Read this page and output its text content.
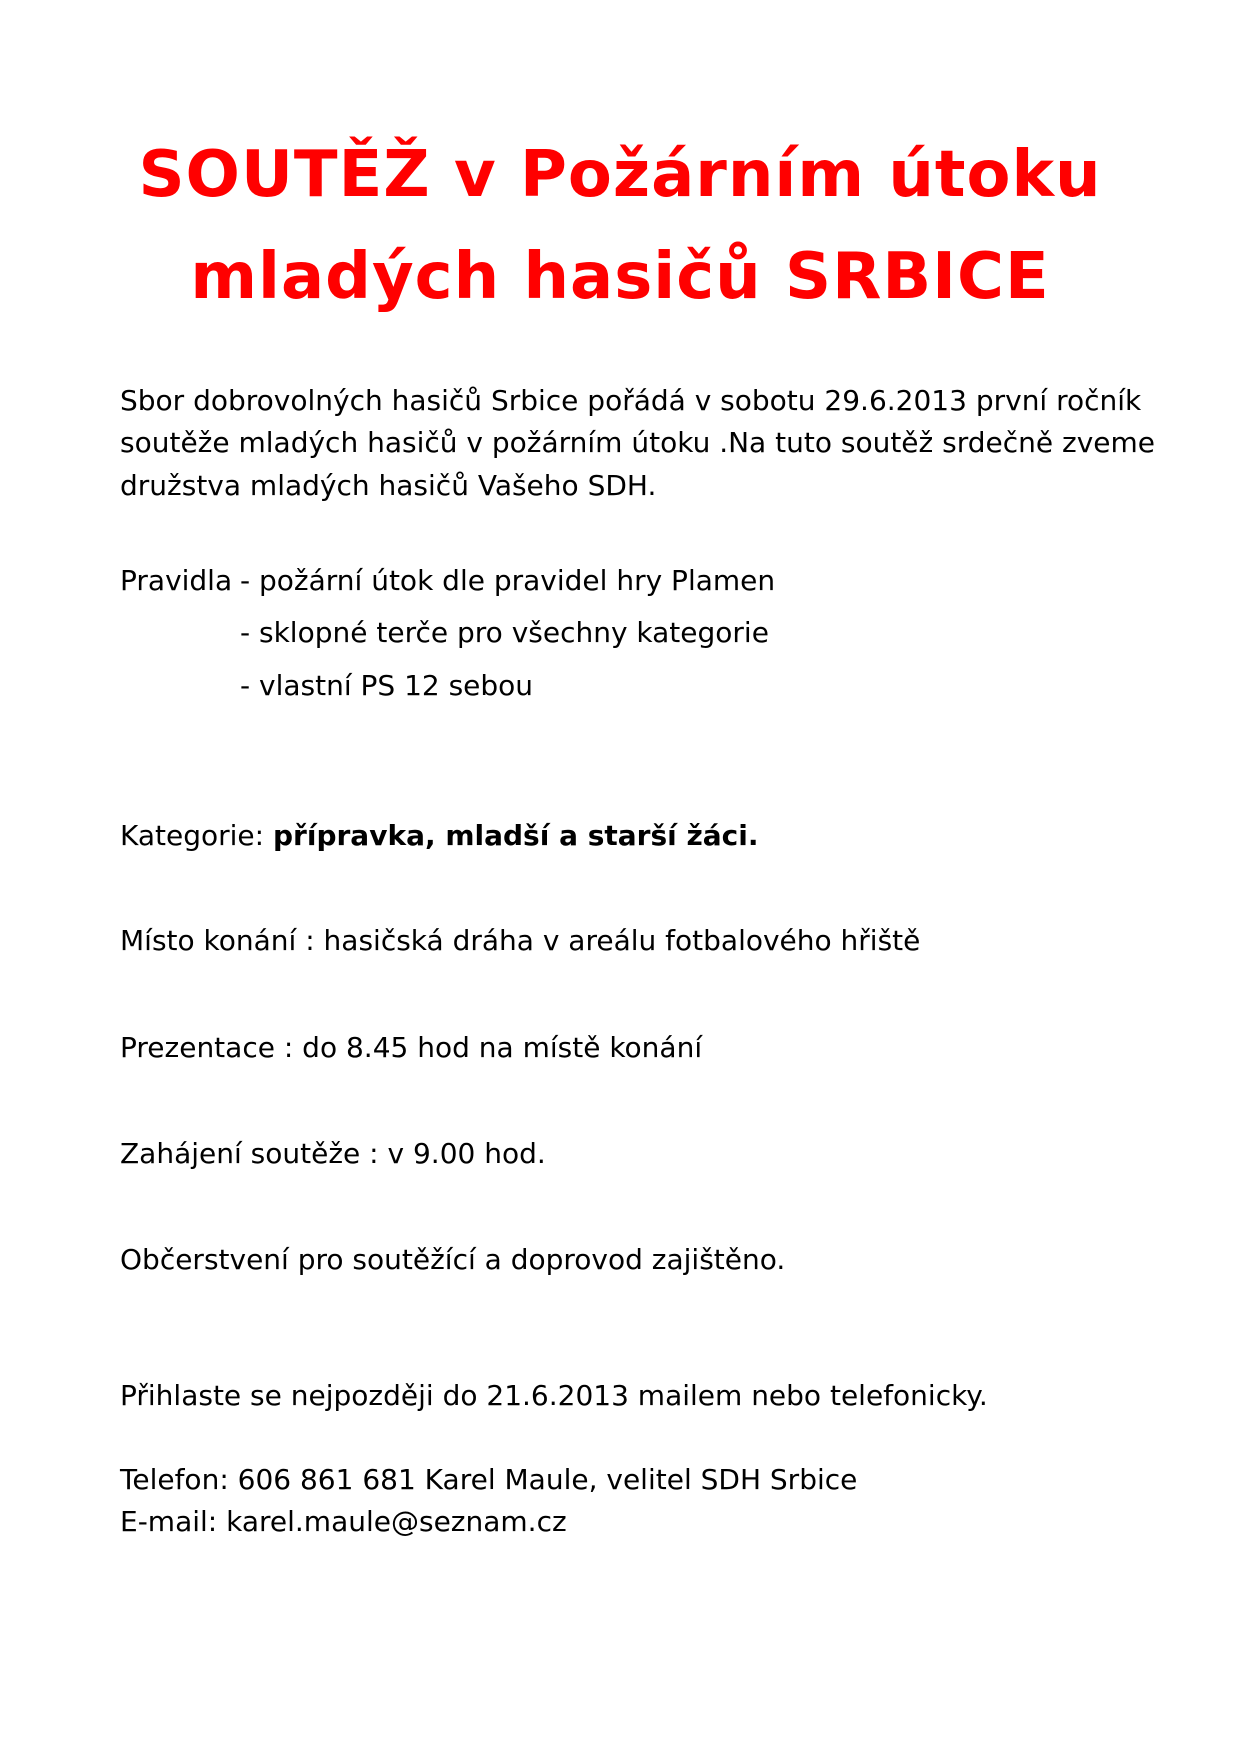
SOUTĚŽ v Požárním útoku
mladých hasičů SRBICE
Sbor dobrovolných hasičů Srbice pořádá v sobotu 29.6.2013 první ročník
soutěže mladých hasičů v požárním útoku .Na tuto soutěž srdečně zveme
družstva mladých hasičů Vašeho SDH.
Pravidla - požární útok dle pravidel hry Plamen
- sklopné terče pro všechny kategorie
- vlastní PS 12 sebou
Kategorie: přípravka, mladší a starší žáci.
Místo konání : hasičská dráha v areálu fotbalového hřiště
Prezentace : do 8.45 hod na místě konání
Zahájení soutěže : v 9.00 hod.
Občerstvení pro soutěžící a doprovod zajištěno.
Přihlaste se nejpozději do 21.6.2013 mailem nebo telefonicky.
Telefon: 606 861 681 Karel Maule, velitel SDH Srbice
E-mail: karel.maule@seznam.cz
